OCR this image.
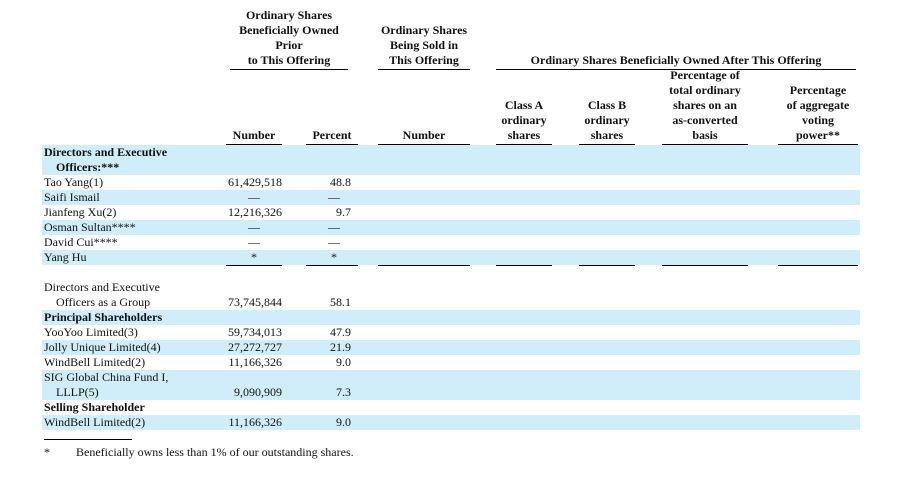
Ordinary Shares
Beneficially Owned
Prior
to This Offering
Ordinary Shares
Being Sold in
This Offering	Ordinary Shares Beneficially Owned After This Offering
Class A
ordinary
shares
Class B
ordinary
shares
Percentage of
total ordinary
shares on an
as-converted
basis
Percentage
of aggregate
voting
power**
Number	Percent	Number
Directors and Executive
Officers:***
Tao Yang(1)	61,429,518	48.8
Saifi Ismail	—	—
Jianfeng Xu(2)	12,216,326	9.7
Osman Sultan****	—	—
David Cui****	—	—
Yang Hu	*	*
Directors and Executive
Officers as a Group	73,745,844	58.1
Principal Shareholders
YooYoo Limited(3)	59,734,013	47.9
Jolly Unique Limited(4)	27,272,727	21.9
WindBell Limited(2)	11,166,326	9.0
SIG Global China Fund I,
LLLP(5)	9,090,909	7.3
Selling Shareholder
WindBell Limited(2)	11,166,326	9.0
* Beneficially owns less than 1% of our outstanding shares.
